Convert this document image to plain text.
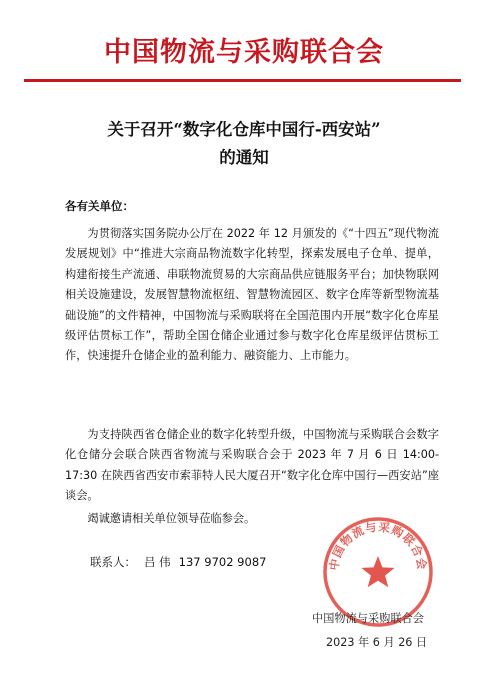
中国物流与采购联合会
关于召开“数字化仓库中国行-西安站”
的通知
各有关单位：

为贯彻落实国务院办公厅在 2022 年 12 月颁发的《“十四五”现代物流发展规划》中“推进大宗商品物流数字化转型，探索发展电子仓单、提单，构建衔接生产流通、串联物流贸易的大宗商品供应链服务平台；加快物联网相关设施建设，发展智慧物流枢纽、智慧物流园区、数字仓库等新型物流基础设施”的文件精神，中国物流与采购联将在全国范围内开展“数字化仓库星级评估贯标工作”，帮助全国仓储企业通过参与数字化仓库星级评估贯标工作，快速提升仓储企业的盈利能力、融资能力、上市能力。

为支持陕西省仓储企业的数字化转型升级，中国物流与采购联合会数字化仓储分会联合陕西省物流与采购联合会于 2023 年 7 月 6 日 14:00-17:30 在陕西省西安市索菲特人民大厦召开“数字化仓库中国行—西安站”座谈会。

竭诚邀请相关单位领导莅临参会。

联系人： 吕 伟 137 9702 9087	中国物流与采购联合会
中国物流与采购联合会
2023 年 6 月 26 日
